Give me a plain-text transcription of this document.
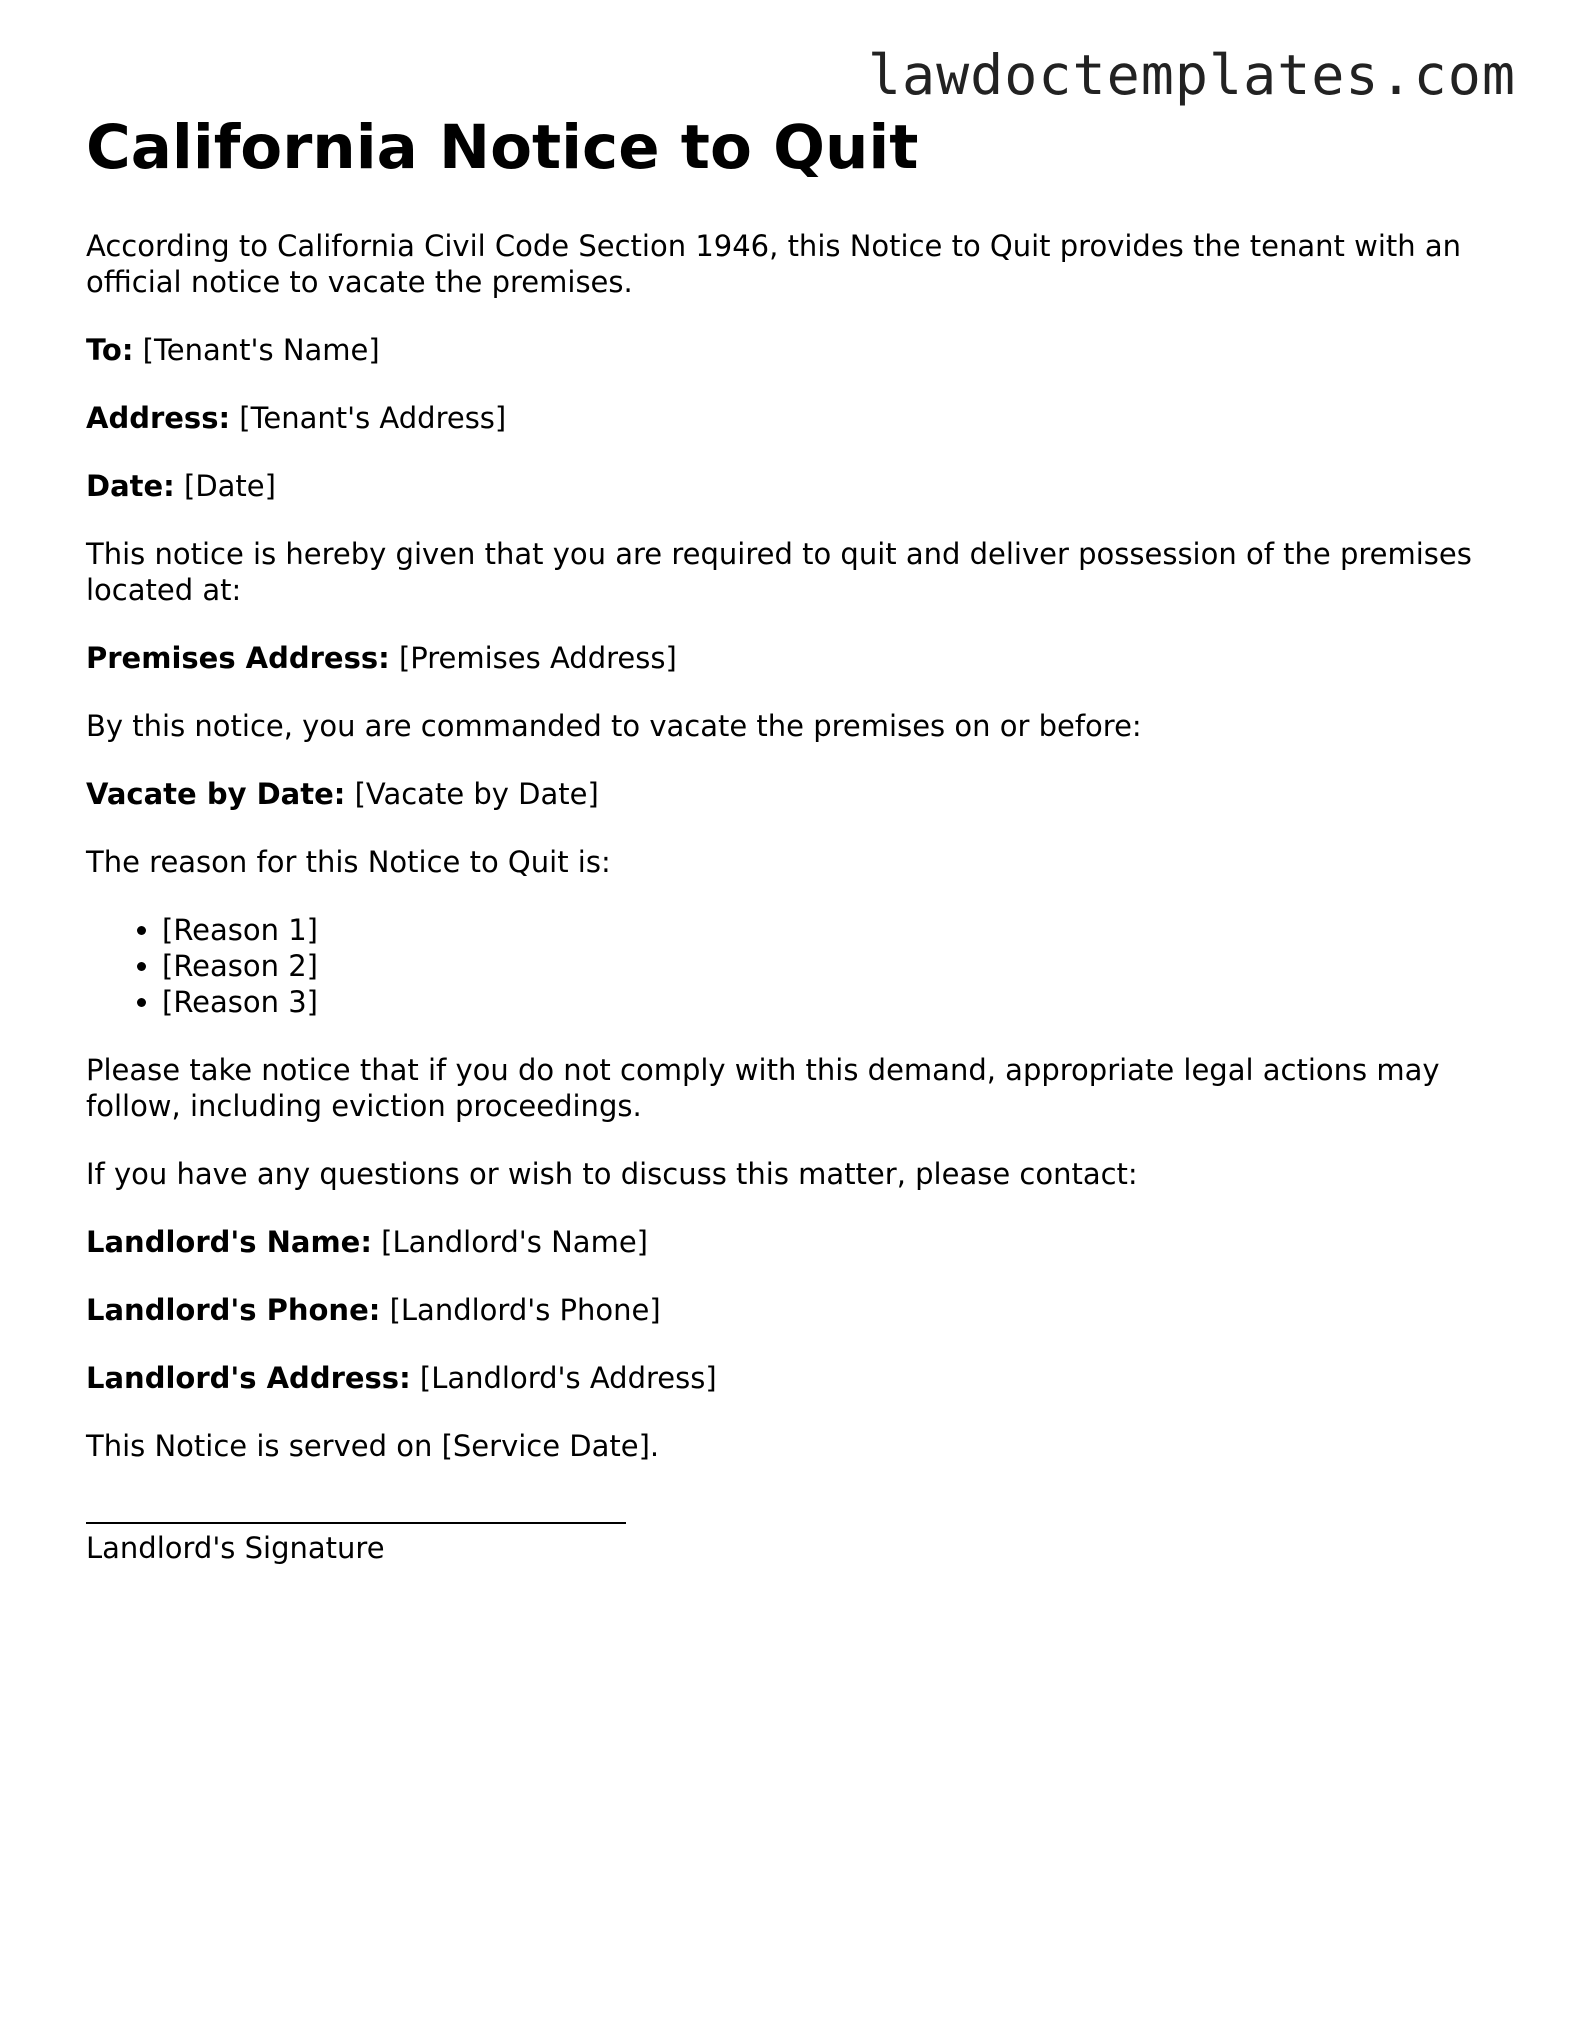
lawdoctemplates.com
California Notice to Quit

According to California Civil Code Section 1946, this Notice to Quit provides the tenant with an official notice to vacate the premises.

To: [Tenant's Name]

Address: [Tenant's Address]

Date: [Date]

This notice is hereby given that you are required to quit and deliver possession of the premises located at:

Premises Address: [Premises Address]

By this notice, you are commanded to vacate the premises on or before:

Vacate by Date: [Vacate by Date]

The reason for this Notice to Quit is:

• [Reason 1]
• [Reason 2]
• [Reason 3]

Please take notice that if you do not comply with this demand, appropriate legal actions may follow, including eviction proceedings.

If you have any questions or wish to discuss this matter, please contact:

Landlord's Name: [Landlord's Name]

Landlord's Phone: [Landlord's Phone]

Landlord's Address: [Landlord's Address]

This Notice is served on [Service Date].

Landlord's Signature
